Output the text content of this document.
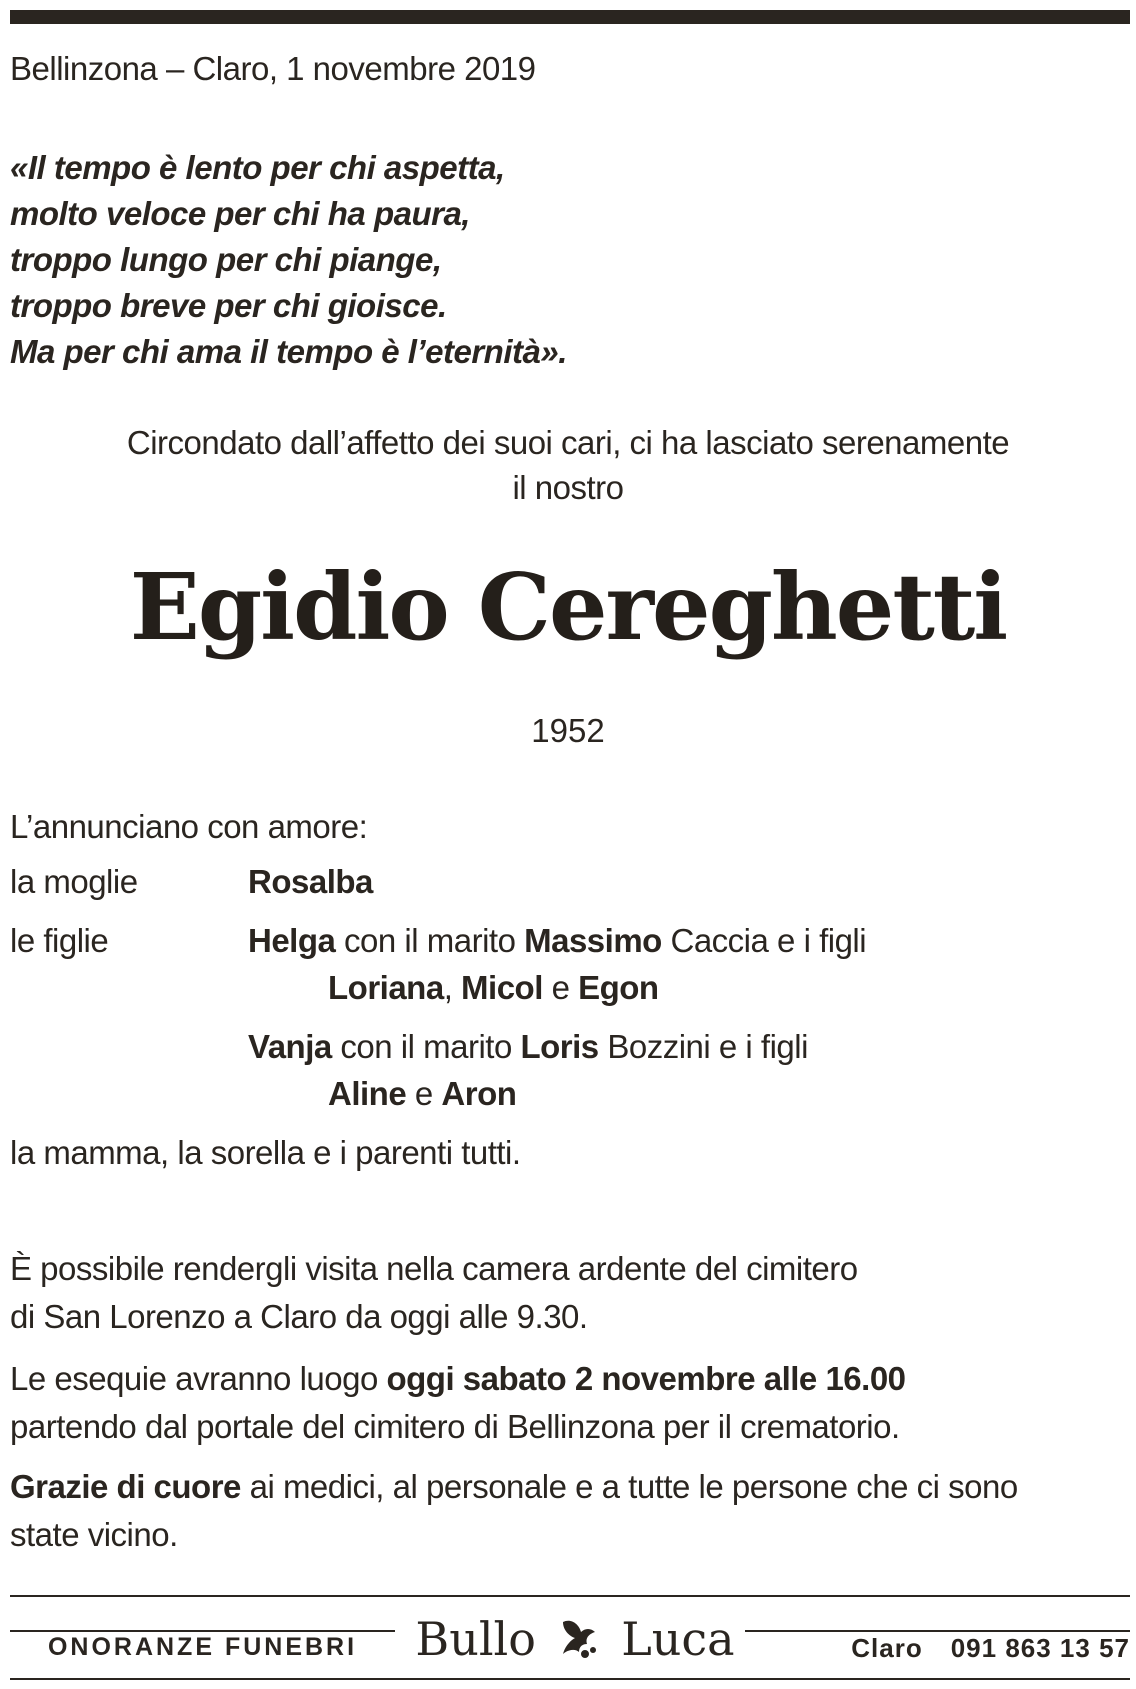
Bellinzona – Claro, 1 novembre 2019
«Il tempo è lento per chi aspetta,
molto veloce per chi ha paura,
troppo lungo per chi piange,
troppo breve per chi gioisce.
Ma per chi ama il tempo è l’eternità».
Circondato dall’affetto dei suoi cari, ci ha lasciato serenamente
il nostro
Egidio Cereghetti
1952
L’annunciano con amore:
la moglie	Rosalba
le figlie	Helga con il marito Massimo Caccia e i figli
Loriana, Micol e Egon
Vanja con il marito Loris Bozzini e i figli
Aline e Aron
la mamma, la sorella e i parenti tutti.
È possibile rendergli visita nella camera ardente del cimitero
di San Lorenzo a Claro da oggi alle 9.30.
Le esequie avranno luogo oggi sabato 2 novembre alle 16.00
partendo dal portale del cimitero di Bellinzona per il crematorio.
Grazie di cuore ai medici, al personale e a tutte le persone che ci sono
state vicino.
ONORANZE FUNEBRI	Bullo Luca	Claro 091 863 13 57
